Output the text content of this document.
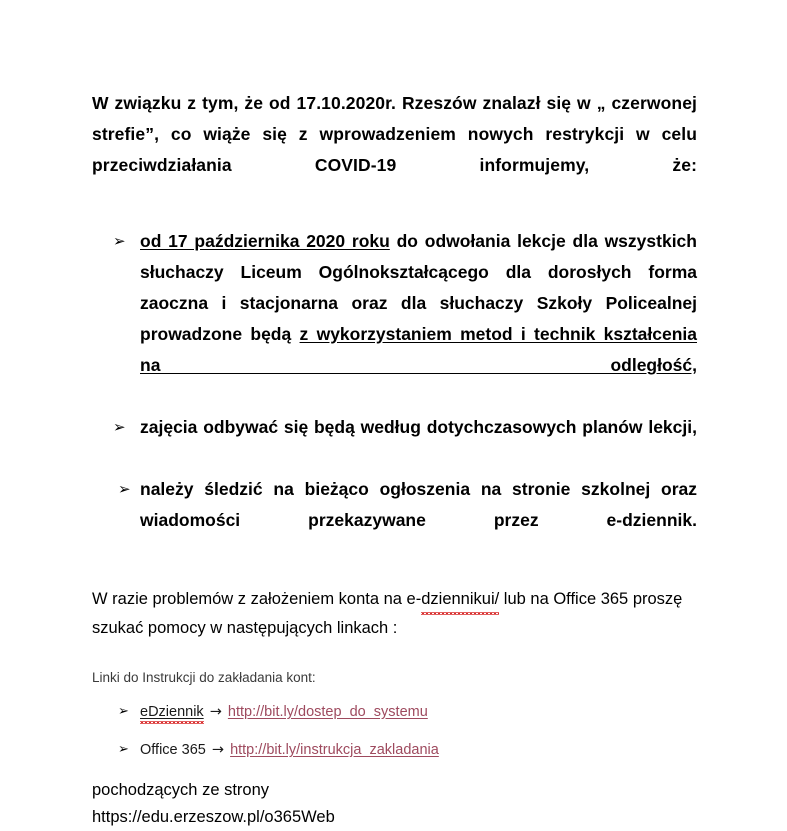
W związku z tym, że od 17.10.2020r. Rzeszów znalazł się w „ czerwonej strefie”, co wiąże się z wprowadzeniem nowych restrykcji w celu przeciwdziałania COVID-19 informujemy, że:

➢ od 17 października 2020 roku do odwołania lekcje dla wszystkich słuchaczy Liceum Ogólnokształcącego dla dorosłych forma zaoczna i stacjonarna oraz dla słuchaczy Szkoły Policealnej prowadzone będą z wykorzystaniem metod i technik kształcenia na odległość,
➢ zajęcia odbywać się będą według dotychczasowych planów lekcji,
➢ należy śledzić na bieżąco ogłoszenia na stronie szkolnej oraz wiadomości przekazywane przez e-dziennik.

W razie problemów z założeniem konta na e-dziennikui/ lub na Office 365 proszę szukać pomocy w następujących linkach :

Linki do Instrukcji do zakładania kont:

➢ eDziennik → http://bit.ly/dostep_do_systemu
➢ Office 365 → http://bit.ly/instrukcja_zakladania

pochodzących ze strony
https://edu.erzeszow.pl/o365Web
